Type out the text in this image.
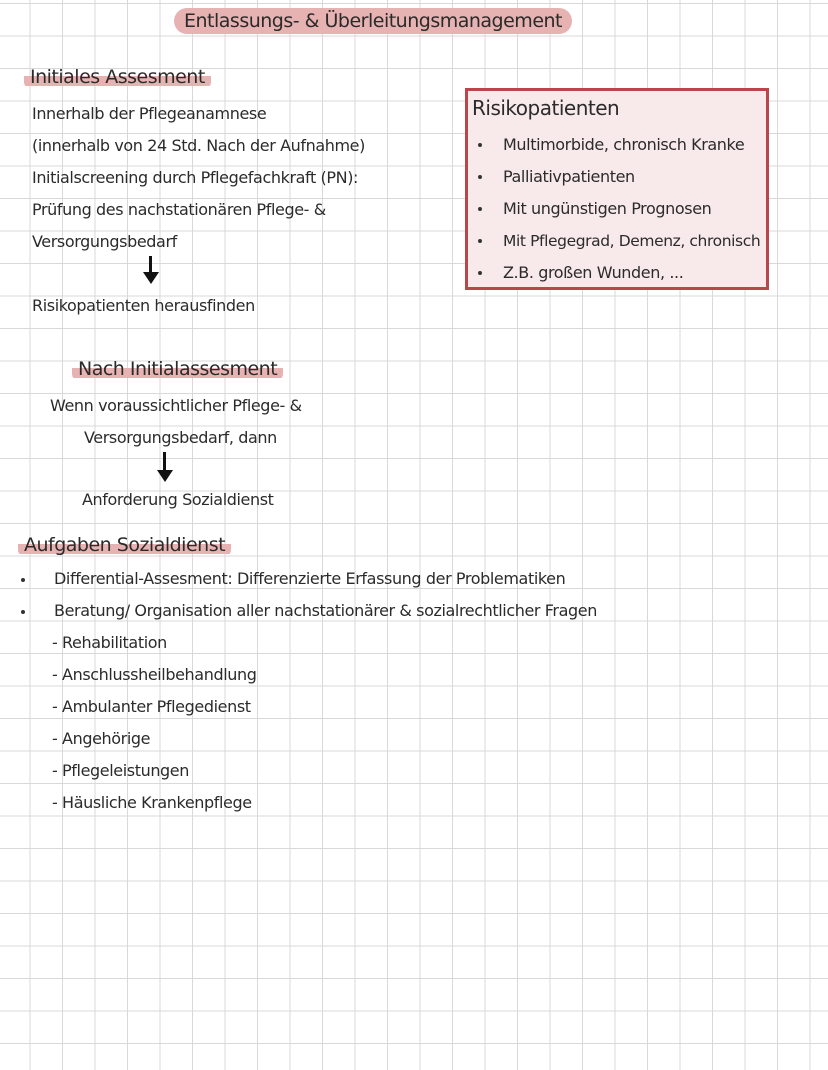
Entlassungs- & Überleitungsmanagement
Initiales Assesment
Innerhalb der Pflegeanamnese
(innerhalb von 24 Std. Nach der Aufnahme)
Initialscreening durch Pflegefachkraft (PN):
Prüfung des nachstationären Pflege- &
Versorgungsbedarf
Risikopatienten herausfinden
Risikopatienten
Multimorbide, chronisch Kranke
Palliativpatienten
Mit ungünstigen Prognosen
Mit Pflegegrad, Demenz, chronisch
Z.B. großen Wunden, ...
Nach Initialassesment
Wenn voraussichtlicher Pflege- &
Versorgungsbedarf, dann
Anforderung Sozialdienst
Aufgaben Sozialdienst
Differential-Assesment: Differenzierte Erfassung der Problematiken
Beratung/ Organisation aller nachstationärer & sozialrechtlicher Fragen
- Rehabilitation
- Anschlussheilbehandlung
- Ambulanter Pflegedienst
- Angehörige
- Pflegeleistungen
- Häusliche Krankenpflege
